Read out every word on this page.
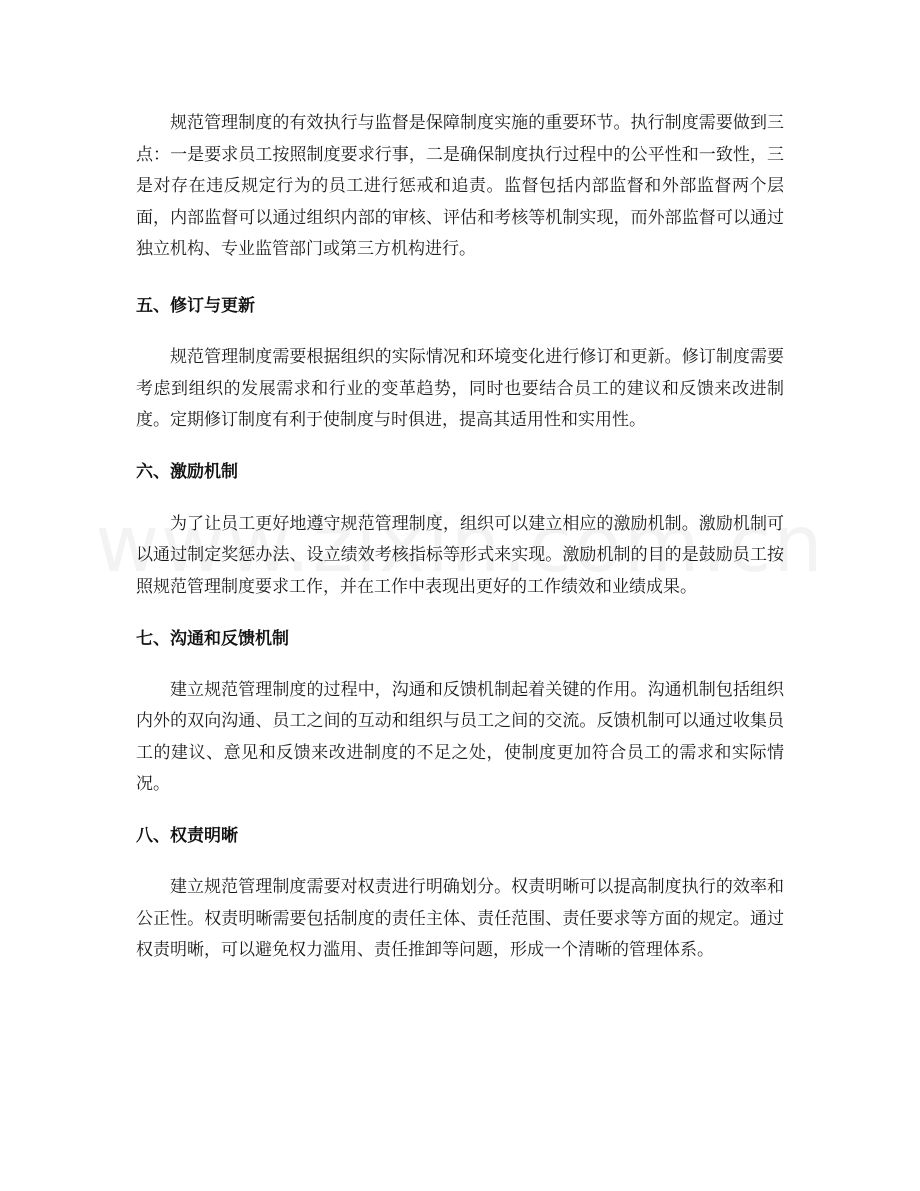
规范管理制度的有效执行与监督是保障制度实施的重要环节。执行制度需要做到三点：一是要求员工按照制度要求行事，二是确保制度执行过程中的公平性和一致性，三是对存在违反规定行为的员工进行惩戒和追责。监督包括内部监督和外部监督两个层面，内部监督可以通过组织内部的审核、评估和考核等机制实现，而外部监督可以通过独立机构、专业监管部门或第三方机构进行。

五、修订与更新

规范管理制度需要根据组织的实际情况和环境变化进行修订和更新。修订制度需要考虑到组织的发展需求和行业的变革趋势，同时也要结合员工的建议和反馈来改进制度。定期修订制度有利于使制度与时俱进，提高其适用性和实用性。

六、激励机制

为了让员工更好地遵守规范管理制度，组织可以建立相应的激励机制。激励机制可以通过制定奖惩办法、设立绩效考核指标等形式来实现。激励机制的目的是鼓励员工按照规范管理制度要求工作，并在工作中表现出更好的工作绩效和业绩成果。

七、沟通和反馈机制

建立规范管理制度的过程中，沟通和反馈机制起着关键的作用。沟通机制包括组织内外的双向沟通、员工之间的互动和组织与员工之间的交流。反馈机制可以通过收集员工的建议、意见和反馈来改进制度的不足之处，使制度更加符合员工的需求和实际情况。

八、权责明晰

建立规范管理制度需要对权责进行明确划分。权责明晰可以提高制度执行的效率和公正性。权责明晰需要包括制度的责任主体、责任范围、责任要求等方面的规定。通过权责明晰，可以避免权力滥用、责任推卸等问题，形成一个清晰的管理体系。
